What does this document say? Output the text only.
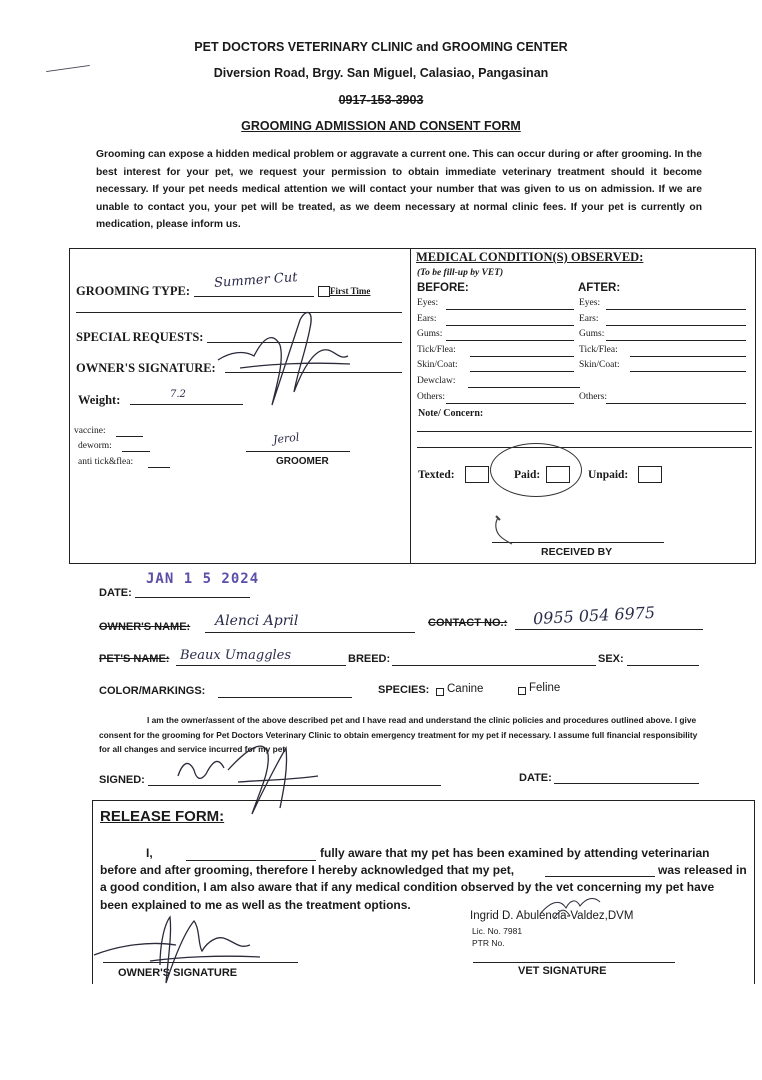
PET DOCTORS VETERINARY CLINIC and GROOMING CENTER
Diversion Road, Brgy. San Miguel, Calasiao, Pangasinan
0917-153-3903
GROOMING ADMISSION AND CONSENT FORM
Grooming can expose a hidden medical problem or aggravate a current one. This can occur during or after grooming. In the best interest for your pet, we request your permission to obtain immediate veterinary treatment should it become necessary. If your pet needs medical attention we will contact your number that was given to us on admission. If we are unable to contact you, your pet will be treated, as we deem necessary at normal clinic fees. If your pet is currently on medication, please inform us.
GROOMING TYPE:
Summer Cut
First Time
SPECIAL REQUESTS:
OWNER'S SIGNATURE:
Weight:	7.2
vaccine:
deworm:
anti tick&flea:
Jerol
GROOMER
MEDICAL CONDITION(S) OBSERVED:
(To be fill-up by VET)
BEFORE:	AFTER:
Eyes:	Eyes:
Ears:	Ears:
Gums:	Gums:
Tick/Flea:	Tick/Flea:
Skin/Coat:	Skin/Coat:
Dewclaw:
Others:	Others:
Note/ Concern:
Texted:	Paid:	Unpaid:
RECEIVED BY
DATE:
JAN 1 5 2024
OWNER'S NAME: Alenci April	CONTACT NO.: 0955 054 6975
PET'S NAME: Beaux Umaggles	BREED:	SEX:
COLOR/MARKINGS:	SPECIES: Canine	Feline
I am the owner/assent of the above described pet and I have read and understand the clinic policies and procedures outlined above. I give consent for the grooming for Pet Doctors Veterinary Clinic to obtain emergency treatment for my pet if necessary. I assume full financial responsibility for all changes and service incurred for my pet.
SIGNED:	DATE:
RELEASE FORM:
I,	fully aware that my pet has been examined by attending veterinarian
before and after grooming, therefore I hereby acknowledged that my pet,	was released in
a good condition, I am also aware that if any medical condition observed by the vet concerning my pet have
been explained to me as well as the treatment options.
Ingrid D. Abulencia-Valdez,DVM
Lic. No. 7981
PTR No.
OWNER'S SIGNATURE	VET SIGNATURE
